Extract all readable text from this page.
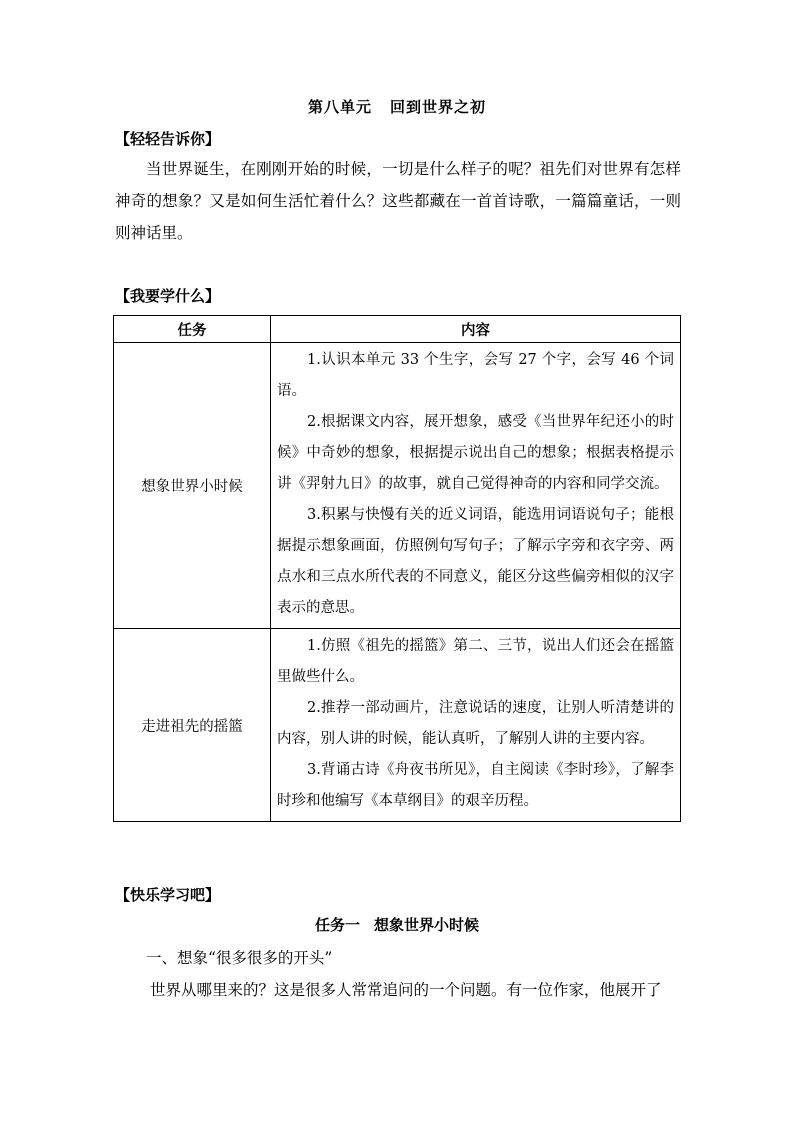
第八单元 回到世界之初
【轻轻告诉你】
当世界诞生，在刚刚开始的时候，一切是什么样子的呢？祖先们对世界有怎样神奇的想象？又是如何生活忙着什么？这些都藏在一首首诗歌，一篇篇童话，一则则神话里。
【我要学什么】
任务	内容
想象世界小时候	1.认识本单元 33 个生字，会写 27 个字，会写 46 个词语。

2.根据课文内容，展开想象，感受《当世界年纪还小的时候》中奇妙的想象，根据提示说出自己的想象；根据表格提示讲《羿射九日》的故事，就自己觉得神奇的内容和同学交流。

3.积累与快慢有关的近义词语，能选用词语说句子；能根据提示想象画面，仿照例句写句子；了解示字旁和衣字旁、两点水和三点水所代表的不同意义，能区分这些偏旁相似的汉字表示的意思。

走进祖先的摇篮	1.仿照《祖先的摇篮》第二、三节，说出人们还会在摇篮里做些什么。

2.推荐一部动画片，注意说话的速度，让别人听清楚讲的内容，别人讲的时候，能认真听，了解别人讲的主要内容。

3.背诵古诗《舟夜书所见》，自主阅读《李时珍》，了解李时珍和他编写《本草纲目》的艰辛历程。

【快乐学习吧】
任务一 想象世界小时候
一、想象“很多很多的开头”
世界从哪里来的？这是很多人常常追问的一个问题。有一位作家，他展开了
